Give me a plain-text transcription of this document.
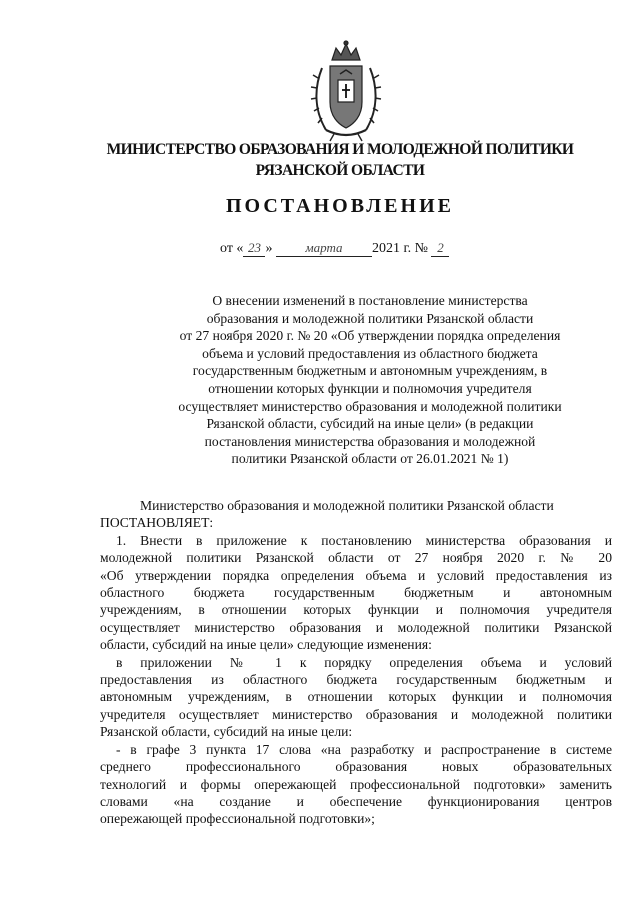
МИНИСТЕРСТВО ОБРАЗОВАНИЯ И МОЛОДЕЖНОЙ ПОЛИТИКИ
РЯЗАНСКОЙ ОБЛАСТИ
ПОСТАНОВЛЕНИЕ
от « 23 »	марта 2021 г. № 2
О внесении изменений в постановление министерства
образования и молодежной политики Рязанской области
от 27 ноября 2020 г. № 20 «Об утверждении порядка определения
объема и условий предоставления из областного бюджета
государственным бюджетным и автономным учреждениям, в
отношении которых функции и полномочия учредителя
осуществляет министерство образования и молодежной политики
Рязанской области, субсидий на иные цели» (в редакции
постановления министерства образования и молодежной
политики Рязанской области от 26.01.2021 № 1)
Министерство образования и молодежной политики Рязанской области
ПОСТАНОВЛЯЕТ:
1. Внести в приложение к постановлению министерства образования и
молодежной политики Рязанской области от 27 ноября 2020 г. № 20
«Об утверждении порядка определения объема и условий предоставления из
областного бюджета государственным бюджетным и автономным
учреждениям, в отношении которых функции и полномочия учредителя
осуществляет министерство образования и молодежной политики Рязанской
области, субсидий на иные цели» следующие изменения:
в приложении № 1 к порядку определения объема и условий
предоставления из областного бюджета государственным бюджетным и
автономным учреждениям, в отношении которых функции и полномочия
учредителя осуществляет министерство образования и молодежной политики
Рязанской области, субсидий на иные цели:
- в графе 3 пункта 17 слова «на разработку и распространение в системе
среднего профессионального образования новых образовательных
технологий и формы опережающей профессиональной подготовки» заменить
словами «на создание и обеспечение функционирования центров
опережающей профессиональной подготовки»;
